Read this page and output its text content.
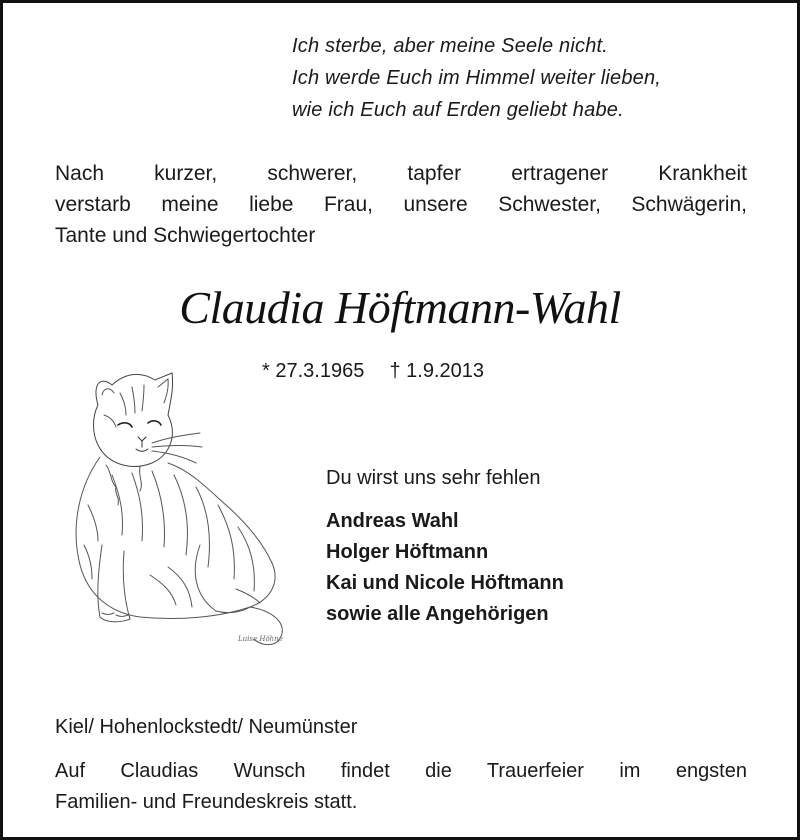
Ich sterbe, aber meine Seele nicht.
Ich werde Euch im Himmel weiter lieben,
wie ich Euch auf Erden geliebt habe.
Nach kurzer, schwerer, tapfer ertragener Krankheit
verstarb meine liebe Frau, unsere Schwester, Schwägerin,
Tante und Schwiegertochter
Claudia Höftmann-Wahl
* 27.3.1965 † 1.9.2013
Luise Höhne
Du wirst uns sehr fehlen
Andreas Wahl
Holger Höftmann
Kai und Nicole Höftmann
sowie alle Angehörigen
Kiel/ Hohenlockstedt/ Neumünster
Auf Claudias Wunsch findet die Trauerfeier im engsten
Familien- und Freundeskreis statt.
